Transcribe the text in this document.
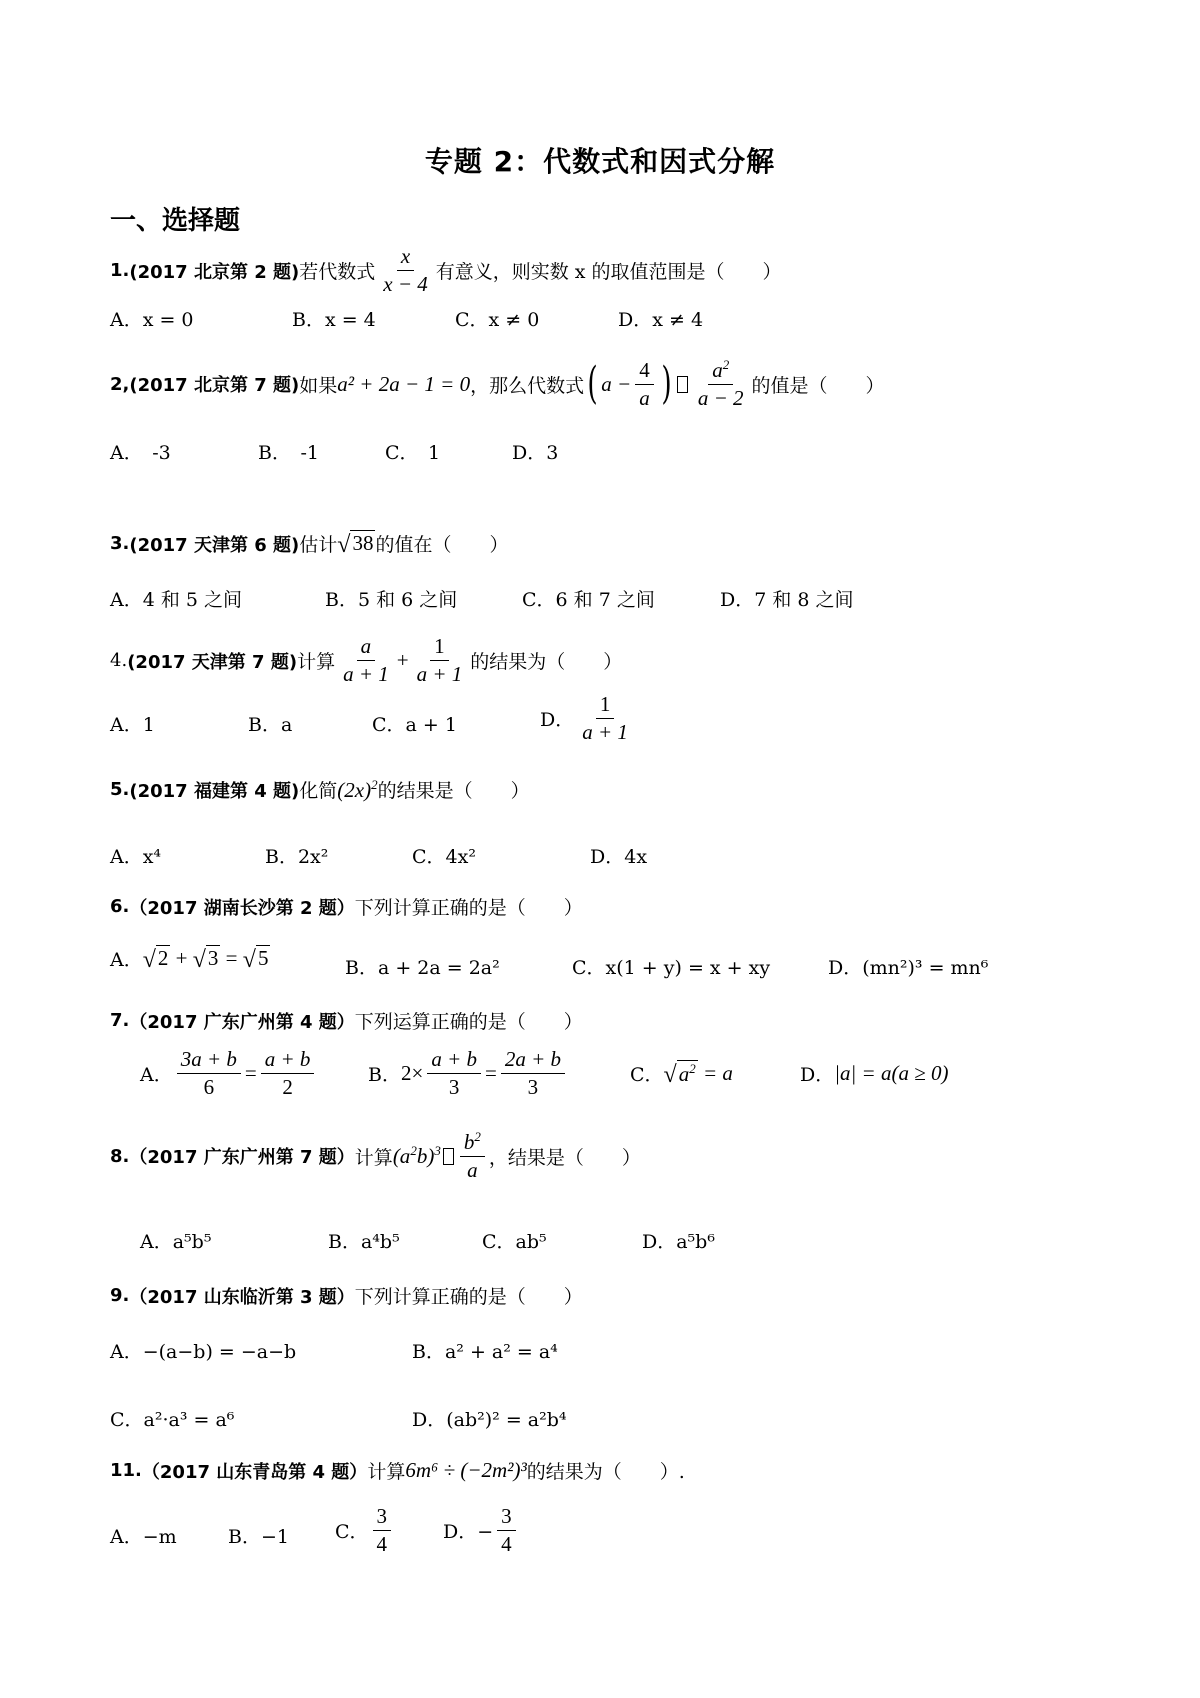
专题 2：代数式和因式分解
一、选择题
1. (2017 北京第 2 题) 若代数式 $\frac{x}{x - 4}$ 有意义，则实数 x 的取值范围是（　　）
A．x = 0	B．x = 4	C．x ≠ 0	D．x ≠ 4
2, (2017 北京第 7 题) 如果 a² + 2a − 1 = 0 ，那么代数式 ( $a - \frac{4}{a}$ ) $\frac{a^2}{a - 2}$ 的值是（　　）
A．　-3	B．　-1	C．　1	D．3
3. (2017 天津第 6 题) 估计 √ 38 的值在（　　）
A．4 和 5 之间	B．5 和 6 之间	C．6 和 7 之间	D．7 和 8 之间
4. (2017 天津第 7 题) 计算 $\frac{a}{a + 1} + \frac{1}{a + 1}$ 的结果为（　　）
A．1	B．a	C．a + 1	D． $\frac{1}{a + 1}$
5. (2017 福建第 4 题) 化简 $(2x)^2$ 的结果是（　　）
A．x⁴	B．2x²	C．4x²	D．4x
6. （2017 湖南长沙第 2 题） 下列计算正确的是（　　）
A． √ 2 + √ 3 = √ 5	B．a + 2a = 2a²	C．x(1 + y) = x + xy	D．(mn²)³ = mn⁶
7. （2017 广东广州第 4 题） 下列运算正确的是（　　）
A． $\frac{3a + b}{6} = \frac{a + b}{2}$	B． $2\times \frac{a + b}{3} = \frac{2a + b}{3}$	C． √ $a^2 = a$	D． |a| = a(a ≥ 0)
8. （2017 广东广州第 7 题） 计算 $(a^2b)^3 \frac{b^2}{a}$ ，结果是（　　）
A．a⁵b⁵	B．a⁴b⁵	C．ab⁵	D．a⁵b⁶
9. （2017 山东临沂第 3 题） 下列计算正确的是（　　）
A．−(a−b) = −a−b	B．a² + a² = a⁴
C．a²·a³ = a⁶	D．(ab²)² = a²b⁴
11. （2017 山东青岛第 4 题） 计算 6m⁶ ÷ (−2m²)³ 的结果为（　　）.
A．−m	B．−1 C． $\frac{3}{4}$	D．− $\frac{3}{4}$
